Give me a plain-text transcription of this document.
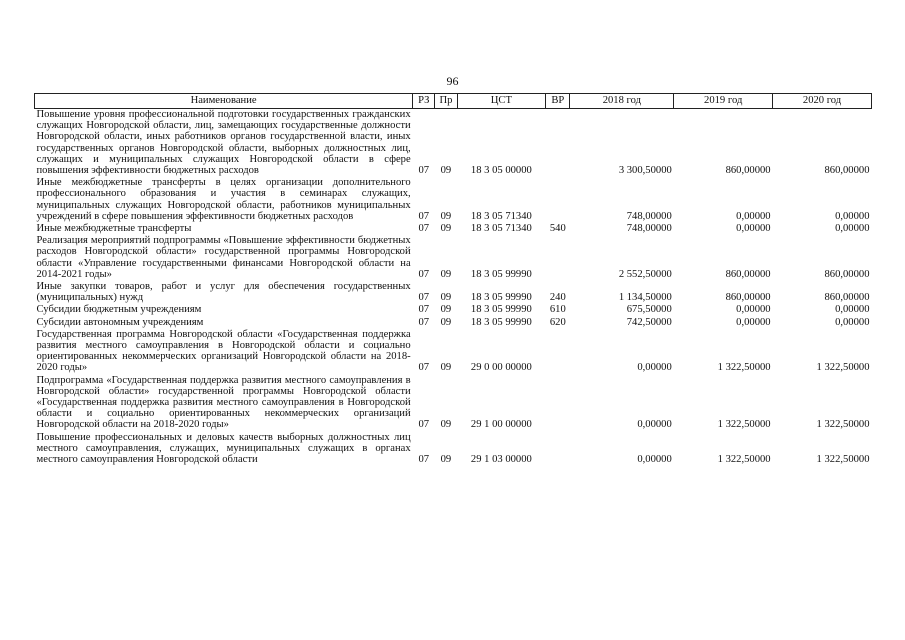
96
Наименование	РЗ	Пр	ЦСТ	ВР	2018 год	2019 год	2020 год
Повышение уровня профессиональной подготовки государственных гражданских служащих Новгородской области, лиц, замещающих государственные должности Новгородской области, иных работников органов государственной власти, иных государственных органов Новгородской области, выборных должностных лиц, служащих и муниципальных служащих Новгородской области в сфере повышения эффективности бюджетных расходов	07	09	18 3 05 00000		3 300,50000	860,00000	860,00000
Иные межбюджетные трансферты в целях организации дополнительного профессионального образования и участия в семинарах служащих, муниципальных служащих Новгородской области, работников муниципальных учреждений в сфере повышения эффективности бюджетных расходов	07	09	18 3 05 71340		748,00000	0,00000	0,00000
Иные межбюджетные трансферты	07	09	18 3 05 71340	540	748,00000	0,00000	0,00000
Реализация мероприятий подпрограммы «Повышение эффективности бюджетных расходов Новгородской области» государственной программы Новгородской области «Управление государственными финансами Новгородской области на 2014-2021 годы»	07	09	18 3 05 99990		2 552,50000	860,00000	860,00000
Иные закупки товаров, работ и услуг для обеспечения государственных (муниципальных) нужд	07	09	18 3 05 99990	240	1 134,50000	860,00000	860,00000
Субсидии бюджетным учреждениям	07	09	18 3 05 99990	610	675,50000	0,00000	0,00000
Субсидии автономным учреждениям	07	09	18 3 05 99990	620	742,50000	0,00000	0,00000
Государственная программа Новгородской области «Государственная поддержка развития местного самоуправления в Новгородской области и социально ориентированных некоммерческих организаций Новгородской области на 2018-2020 годы»	07	09	29 0 00 00000		0,00000	1 322,50000	1 322,50000
Подпрограмма «Государственная поддержка развития местного самоуправления в Новгородской области» государственной программы Новгородской области «Государственная поддержка развития местного самоуправления в Новгородской области и социально ориентированных некоммерческих организаций Новгородской области на 2018-2020 годы»	07	09	29 1 00 00000		0,00000	1 322,50000	1 322,50000
Повышение профессиональных и деловых качеств выборных должностных лиц местного самоуправления, служащих, муниципальных служащих в органах местного самоуправления Новгородской области	07	09	29 1 03 00000		0,00000	1 322,50000	1 322,50000
